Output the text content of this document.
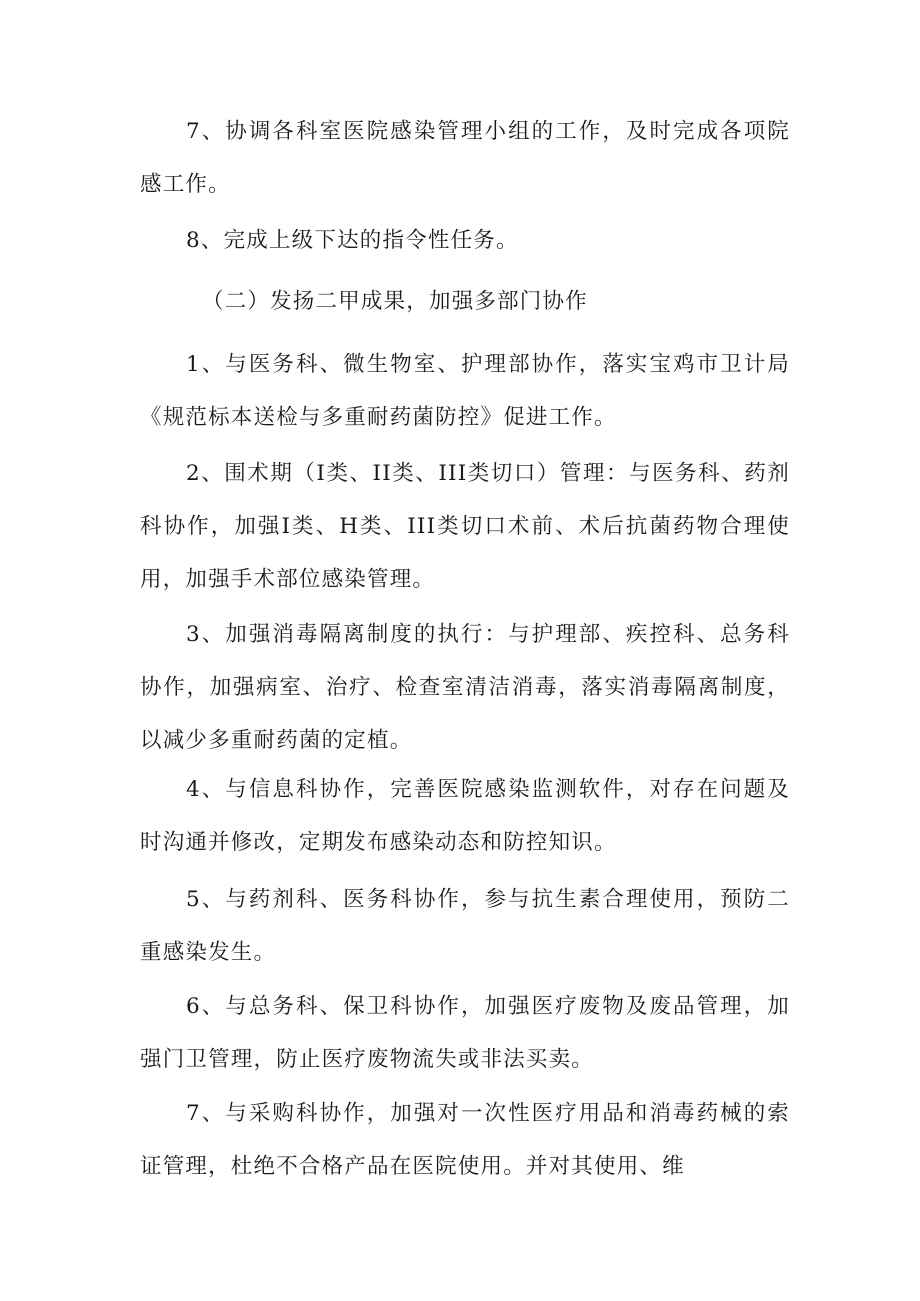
7、协调各科室医院感染管理小组的工作，及时完成各项院感工作。

8、完成上级下达的指令性任务。

（二）发扬二甲成果，加强多部门协作

1、与医务科、微生物室、护理部协作，落实宝鸡市卫计局《规范标本送检与多重耐药菌防控》促进工作。

2、围术期（I类、II类、III类切口）管理：与医务科、药剂科协作，加强I类、H类、III类切口术前、术后抗菌药物合理使用，加强手术部位感染管理。

3、加强消毒隔离制度的执行：与护理部、疾控科、总务科协作，加强病室、治疗、检查室清洁消毒，落实消毒隔离制度，以减少多重耐药菌的定植。

4、与信息科协作，完善医院感染监测软件，对存在问题及时沟通并修改，定期发布感染动态和防控知识。

5、与药剂科、医务科协作，参与抗生素合理使用，预防二重感染发生。

6、与总务科、保卫科协作，加强医疗废物及废品管理，加强门卫管理，防止医疗废物流失或非法买卖。

7、与采购科协作，加强对一次性医疗用品和消毒药械的索证管理，杜绝不合格产品在医院使用。并对其使用、维
